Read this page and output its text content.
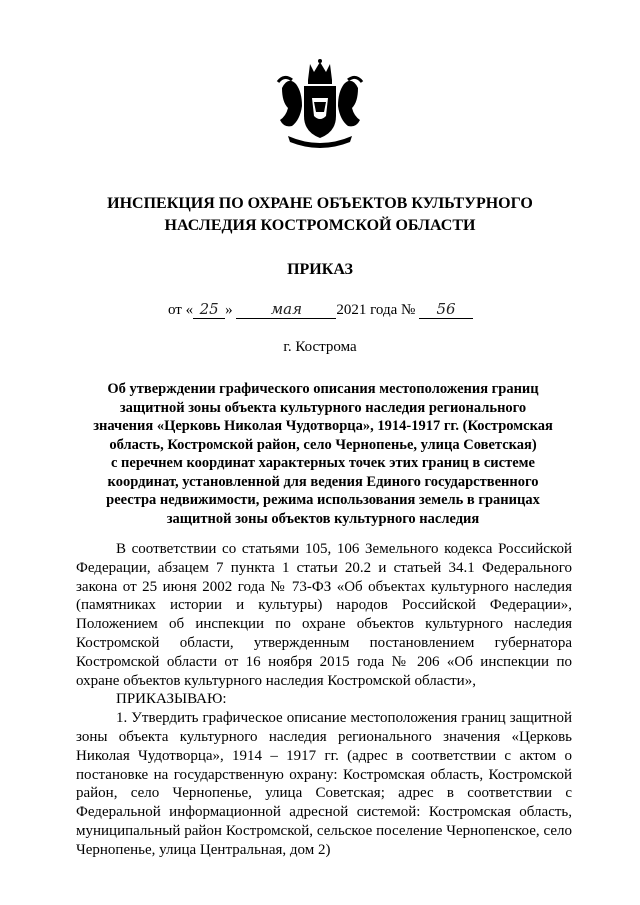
ИНСПЕКЦИЯ ПО ОХРАНЕ ОБЪЕКТОВ КУЛЬТУРНОГО
НАСЛЕДИЯ КОСТРОМСКОЙ ОБЛАСТИ
ПРИКАЗ
от « 25 »	мая 2021 года № 56
г. Кострома
Об утверждении графического описания местоположения границ
защитной зоны объекта культурного наследия регионального
значения «Церковь Николая Чудотворца», 1914-1917 гг. (Костромская
область, Костромской район, село Чернопенье, улица Советская)
с перечнем координат характерных точек этих границ в системе
координат, установленной для ведения Единого государственного
реестра недвижимости, режима использования земель в границах
защитной зоны объектов культурного наследия

В соответствии со статьями 105, 106 Земельного кодекса Российской Федерации, абзацем 7 пункта 1 статьи 20.2 и статьей 34.1 Федерального закона от 25 июня 2002 года № 73-ФЗ «Об объектах культурного наследия (памятниках истории и культуры) народов Российской Федерации», Положением об инспекции по охране объектов культурного наследия Костромской области, утвержденным постановлением губернатора Костромской области от 16 ноября 2015 года № 206 «Об инспекции по охране объектов культурного наследия Костромской области»,

ПРИКАЗЫВАЮ:

1. Утвердить графическое описание местоположения границ защитной зоны объекта культурного наследия регионального значения «Церковь Николая Чудотворца», 1914 – 1917 гг. (адрес в соответствии с актом о постановке на государственную охрану: Костромская область, Костромской район, село Чернопенье, улица Советская; адрес в соответствии с Федеральной информационной адресной системой: Костромская область, муниципальный район Костромской, сельское поселение Чернопенское, село Чернопенье, улица Центральная, дом 2)
